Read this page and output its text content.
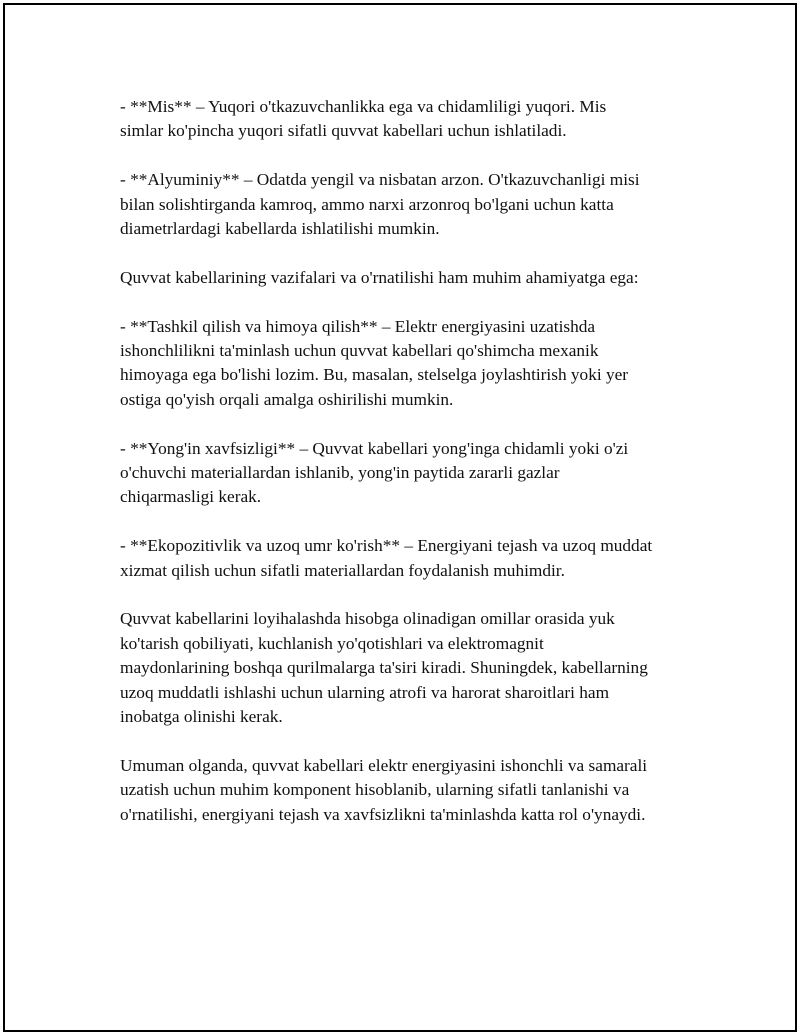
- **Mis** – Yuqori o'tkazuvchanlikka ega va chidamliligi yuqori. Mis
simlar ko'pincha yuqori sifatli quvvat kabellari uchun ishlatiladi.

- **Alyuminiy** – Odatda yengil va nisbatan arzon. O'tkazuvchanligi misi
bilan solishtirganda kamroq, ammo narxi arzonroq bo'lgani uchun katta
diametrlardagi kabellarda ishlatilishi mumkin.

Quvvat kabellarining vazifalari va o'rnatilishi ham muhim ahamiyatga ega:

- **Tashkil qilish va himoya qilish** – Elektr energiyasini uzatishda
ishonchlilikni ta'minlash uchun quvvat kabellari qo'shimcha mexanik
himoyaga ega bo'lishi lozim. Bu, masalan, stelselga joylashtirish yoki yer
ostiga qo'yish orqali amalga oshirilishi mumkin.

- **Yong'in xavfsizligi** – Quvvat kabellari yong'inga chidamli yoki o'zi
o'chuvchi materiallardan ishlanib, yong'in paytida zararli gazlar
chiqarmasligi kerak.

- **Ekopozitivlik va uzoq umr ko'rish** – Energiyani tejash va uzoq muddat
xizmat qilish uchun sifatli materiallardan foydalanish muhimdir.

Quvvat kabellarini loyihalashda hisobga olinadigan omillar orasida yuk
ko'tarish qobiliyati, kuchlanish yo'qotishlari va elektromagnit
maydonlarining boshqa qurilmalarga ta'siri kiradi. Shuningdek, kabellarning
uzoq muddatli ishlashi uchun ularning atrofi va harorat sharoitlari ham
inobatga olinishi kerak.

Umuman olganda, quvvat kabellari elektr energiyasini ishonchli va samarali
uzatish uchun muhim komponent hisoblanib, ularning sifatli tanlanishi va
o'rnatilishi, energiyani tejash va xavfsizlikni ta'minlashda katta rol o'ynaydi.
